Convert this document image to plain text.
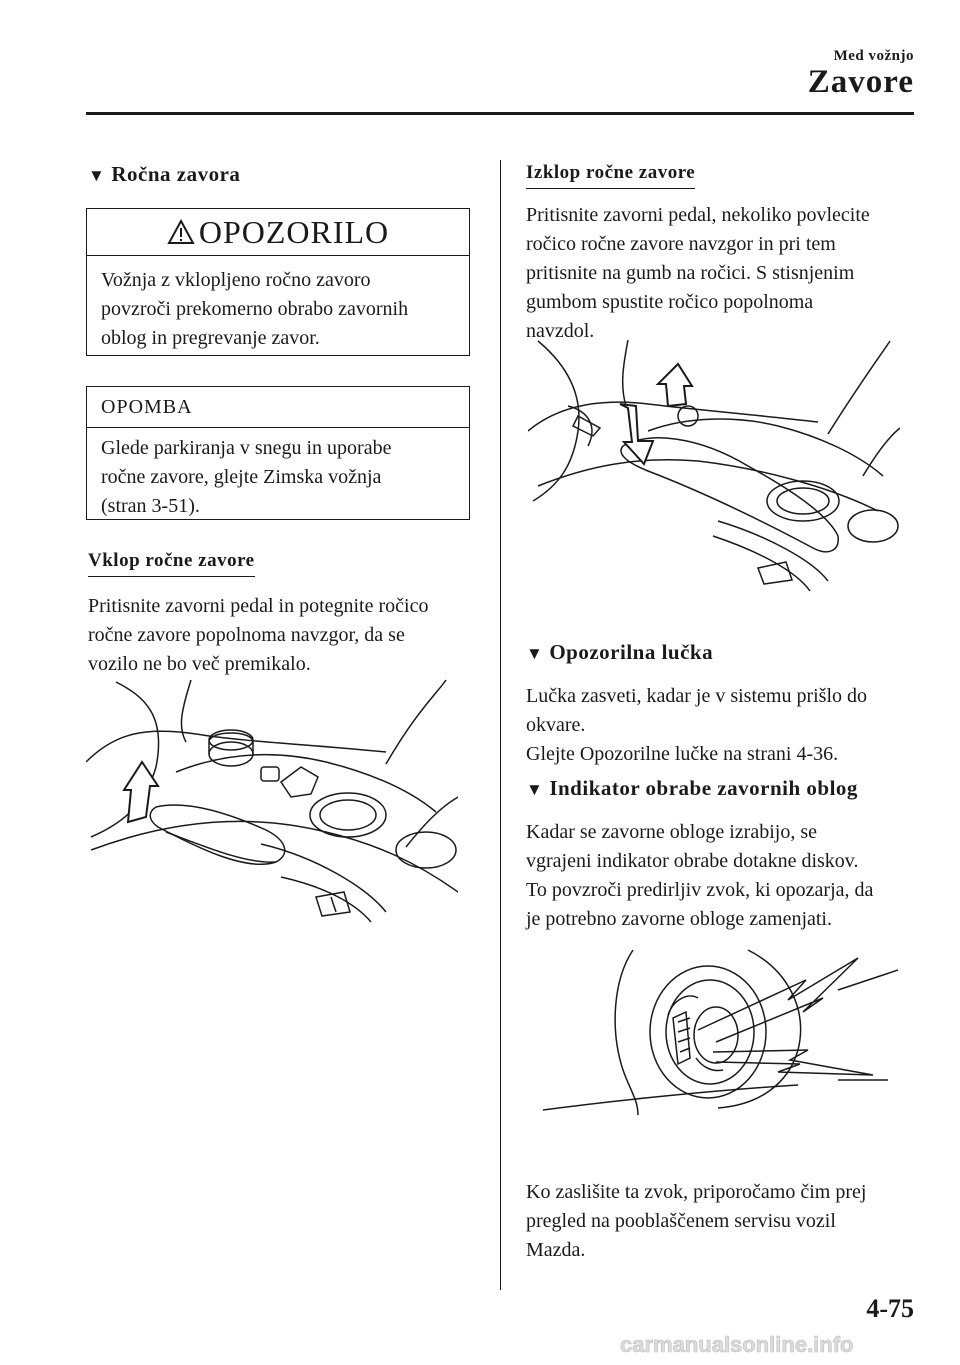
Med vožnjo
Zavore
▼ Ročna zavora
OPOZORILO
Vožnja z vklopljeno ročno zavoro
povzroči prekomerno obrabo zavornih
oblog in pregrevanje zavor.
OPOMBA
Glede parkiranja v snegu in uporabe
ročne zavore, glejte Zimska vožnja
(stran 3-51).
Vklop ročne zavore
Pritisnite zavorni pedal in potegnite ročico
ročne zavore popolnoma navzgor, da se
vozilo ne bo več premikalo.
Izklop ročne zavore
Pritisnite zavorni pedal, nekoliko povlecite
ročico ročne zavore navzgor in pri tem
pritisnite na gumb na ročici. S stisnjenim
gumbom spustite ročico popolnoma
navzdol.
▼ Opozorilna lučka
Lučka zasveti, kadar je v sistemu prišlo do
okvare.
Glejte Opozorilne lučke na strani 4-36.
▼ Indikator obrabe zavornih oblog
Kadar se zavorne obloge izrabijo, se
vgrajeni indikator obrabe dotakne diskov.
To povzroči predirljiv zvok, ki opozarja, da
je potrebno zavorne obloge zamenjati.
Ko zaslišite ta zvok, priporočamo čim prej
pregled na pooblaščenem servisu vozil
Mazda.
4-75
carmanualsonline.info
